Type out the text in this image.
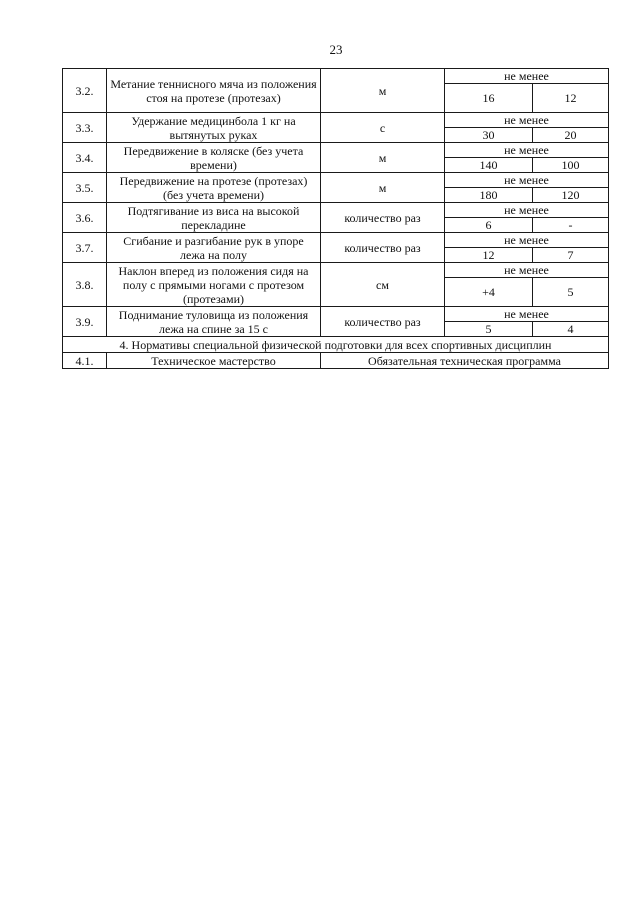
23
3.2.	Метание теннисного мяча из положения стоя на протезе (протезах)	м	не менее	
			16	12
3.3.	Удержание медицинбола 1 кг на вытянутых руках	с	не менее	
			30	20
3.4.	Передвижение в коляске (без учета времени)	м	не менее	
			140	100
3.5.	Передвижение на протезе (протезах) (без учета времени)	м	не менее	
			180	120
3.6.	Подтягивание из виса на высокой перекладине	количество раз	не менее	
			6	-
3.7.	Сгибание и разгибание рук в упоре лежа на полу	количество раз	не менее	
			12	7
3.8.	Наклон вперед из положения сидя на полу с прямыми ногами с протезом (протезами)	см	не менее	
			+4	5
3.9.	Поднимание туловища из положения лежа на спине за 15 с	количество раз	не менее	
			5	4
4. Нормативы специальной физической подготовки для всех спортивных дисциплин				
4.1.	Техническое мастерство	Обязательная техническая программа		
